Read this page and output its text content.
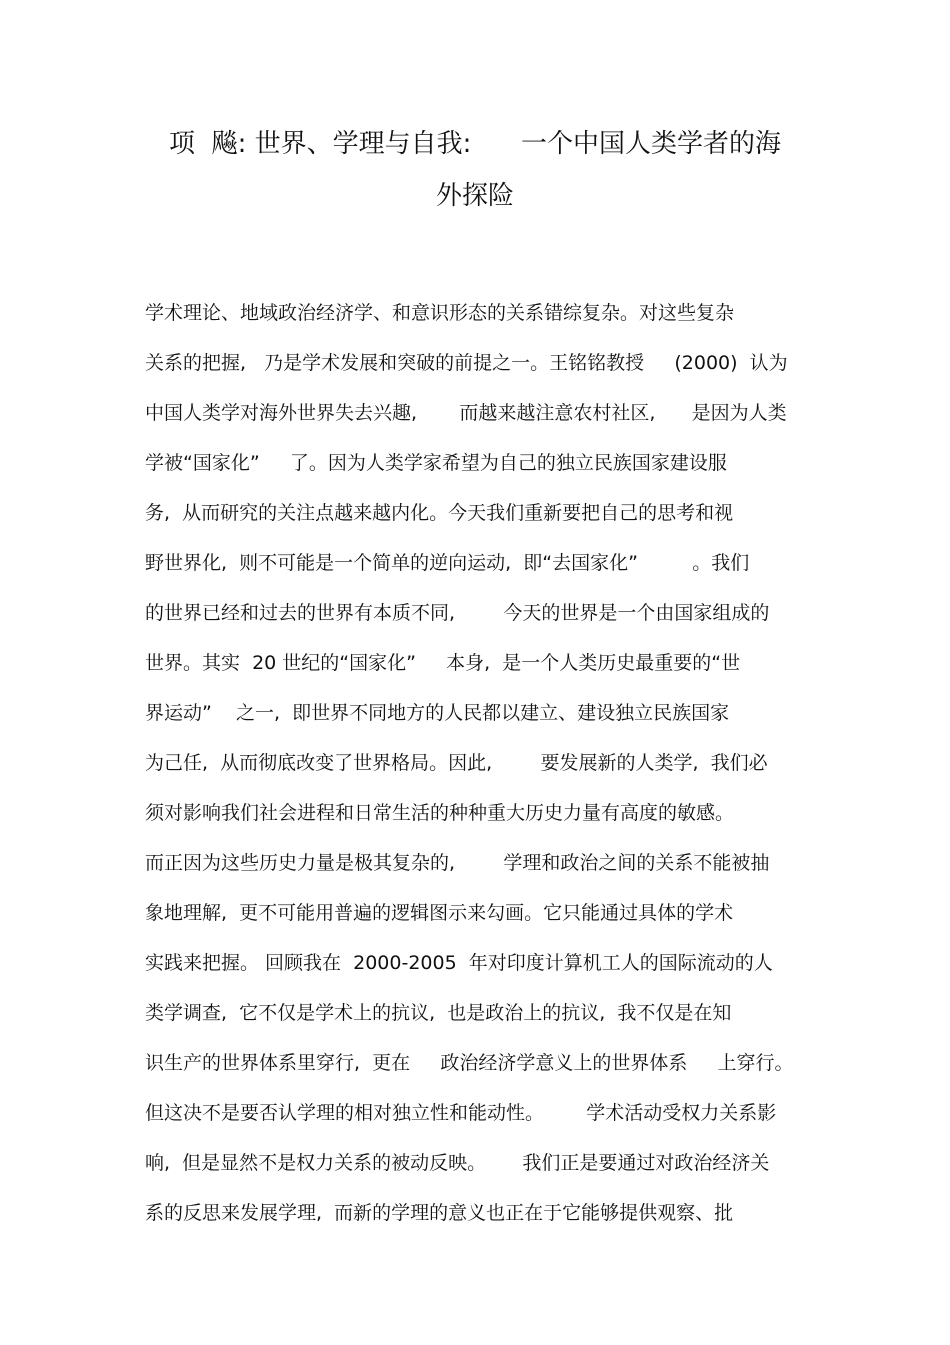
项  飚: 世界、学理与自我:      一个中国人类学者的海
外探险
学术理论、地域政治经济学、和意识形态的关系错综复杂。对这些复杂
关系的把握,   乃是学术发展和突破的前提之一。王铭铭教授     (2000)  认为
中国人类学对海外世界失去兴趣,       而越来越注意农村社区,      是因为人类
学被“国家化”     了。因为人类学家希望为自己的独立民族国家建设服
务,  从而研究的关注点越来越内化。今天我们重新要把自己的思考和视
野世界化,  则不可能是一个简单的逆向运动,  即“去国家化”         。我们
的世界已经和过去的世界有本质不同,        今天的世界是一个由国家组成的
世界。其实  20 世纪的“国家化”     本身,  是一个人类历史最重要的“世
界运动”    之一,  即世界不同地方的人民都以建立、建设独立民族国家
为己任,  从而彻底改变了世界格局。因此,        要发展新的人类学,  我们必
须对影响我们社会进程和日常生活的种种重大历史力量有高度的敏感。
而正因为这些历史力量是极其复杂的,        学理和政治之间的关系不能被抽
象地理解,  更不可能用普遍的逻辑图示来勾画。它只能通过具体的学术
实践来把握。 回顾我在  2000-2005  年对印度计算机工人的国际流动的人
类学调查,  它不仅是学术上的抗议,  也是政治上的抗议,  我不仅是在知
识生产的世界体系里穿行,  更在     政治经济学意义上的世界体系     上穿行。
但这决不是要否认学理的相对独立性和能动性。       学术活动受权力关系影
响,  但是显然不是权力关系的被动反映。      我们正是要通过对政治经济关
系的反思来发展学理,  而新的学理的意义也正在于它能够提供观察、批
